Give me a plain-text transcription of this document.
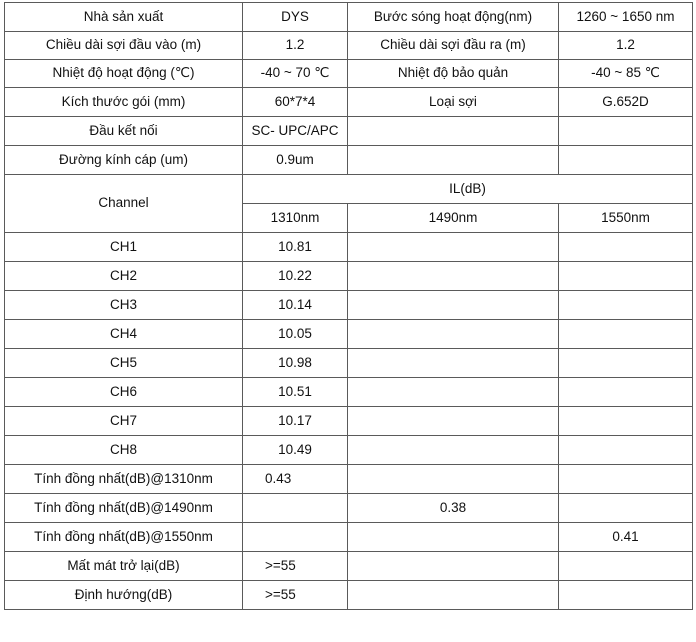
Nhà sản xuất	DYS	Bước sóng hoạt động(nm)	1260 ~ 1650 nm
Chiều dài sợi đầu vào (m)	1.2	Chiều dài sợi đầu ra (m)	1.2
Nhiệt độ hoạt động (℃)	-40 ~ 70 ℃	Nhiệt độ bảo quản	-40 ~ 85 ℃
Kích thước gói (mm)	60*7*4	Loại sợi	G.652D
Đầu kết nối	SC- UPC/APC		
Đường kính cáp (um)	0.9um		
Channel	IL(dB)		
	1310nm	1490nm	1550nm
CH1	10.81		
CH2	10.22		
CH3	10.14		
CH4	10.05		
CH5	10.98		
CH6	10.51		
CH7	10.17		
CH8	10.49		
Tính đồng nhất(dB)@1310nm	0.43		
Tính đồng nhất(dB)@1490nm		0.38	
Tính đồng nhất(dB)@1550nm			0.41
Mất mát trở lại(dB)	>=55		
Định hướng(dB)	>=55		
